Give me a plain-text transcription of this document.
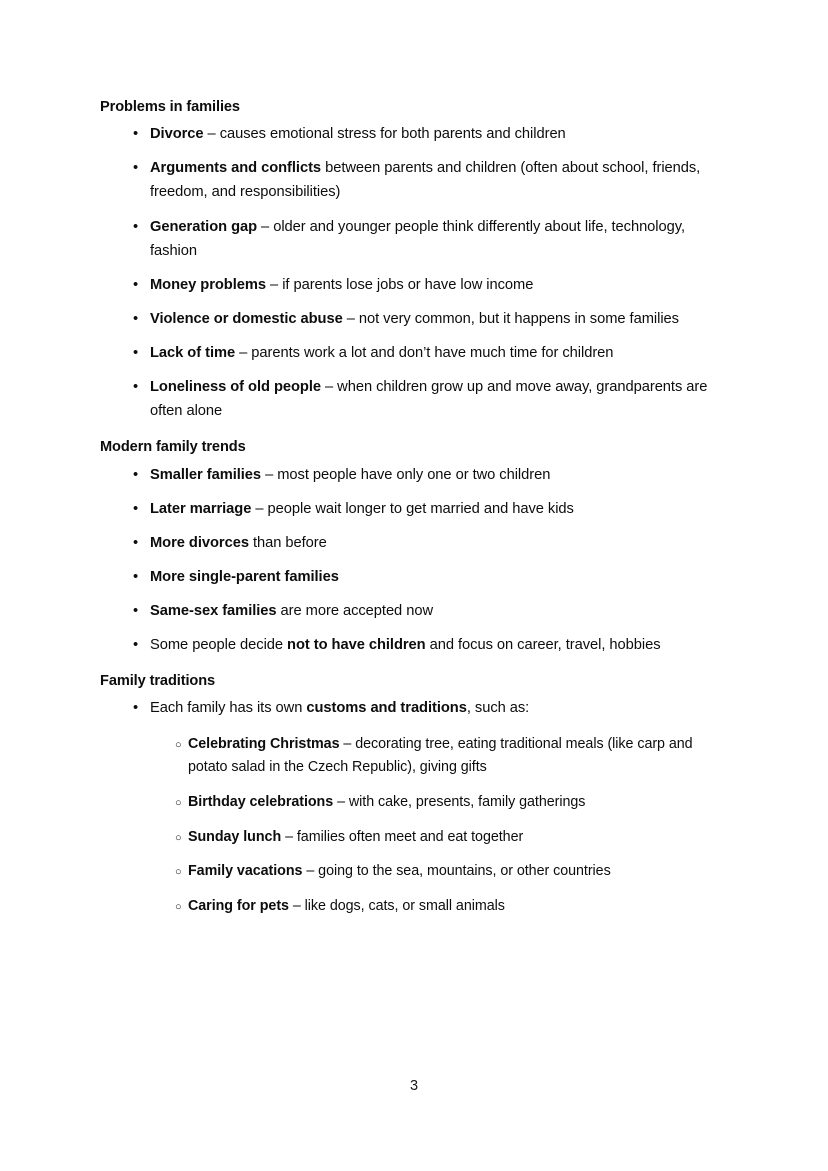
Problems in families
• Divorce – causes emotional stress for both parents and children
• Arguments and conflicts between parents and children (often about school, friends, freedom, and responsibilities)
• Generation gap – older and younger people think differently about life, technology, fashion
• Money problems – if parents lose jobs or have low income
• Violence or domestic abuse – not very common, but it happens in some families
• Lack of time – parents work a lot and don’t have much time for children
• Loneliness of old people – when children grow up and move away, grandparents are often alone
Modern family trends
• Smaller families – most people have only one or two children
• Later marriage – people wait longer to get married and have kids
• More divorces than before
• More single-parent families
• Same-sex families are more accepted now
• Some people decide not to have children and focus on career, travel, hobbies
Family traditions
• Each family has its own customs and traditions, such as:
○ Celebrating Christmas – decorating tree, eating traditional meals (like carp and potato salad in the Czech Republic), giving gifts
○ Birthday celebrations – with cake, presents, family gatherings
○ Sunday lunch – families often meet and eat together
○ Family vacations – going to the sea, mountains, or other countries
○ Caring for pets – like dogs, cats, or small animals
3
